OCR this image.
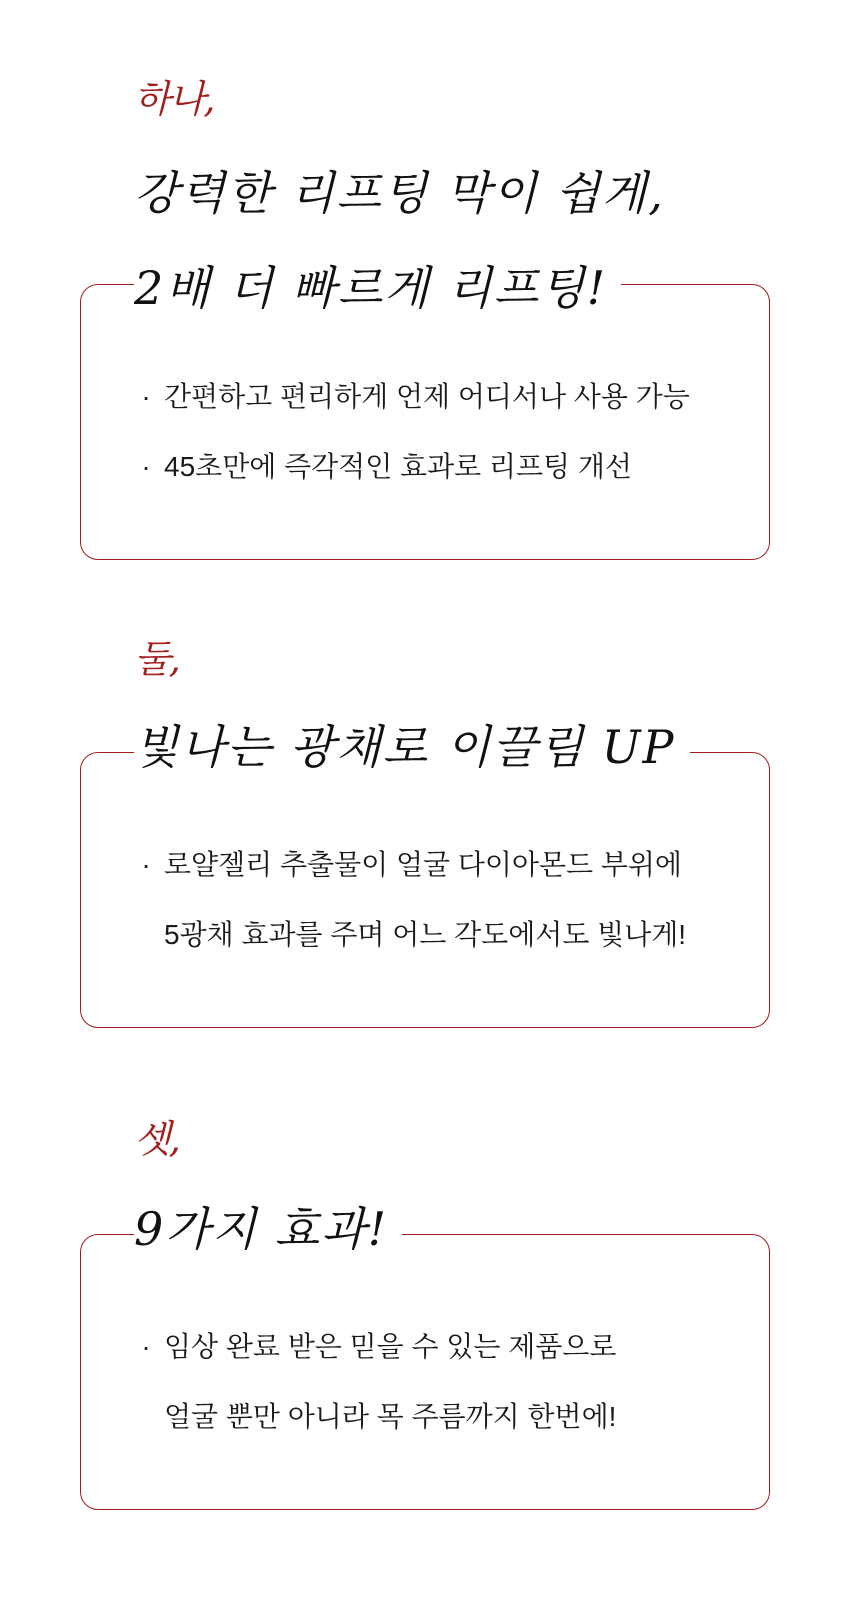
하나,
강력한 리프팅 막이 쉽게,
2배 더 빠르게 리프팅!
· 간편하고 편리하게 언제 어디서나 사용 가능
· 45초만에 즉각적인 효과로 리프팅 개선
둘,
빛나는 광채로 이끌림 UP
· 로얄젤리 추출물이 얼굴 다이아몬드 부위에
5광채 효과를 주며 어느 각도에서도 빛나게!
셋,
9가지 효과!
· 임상 완료 받은 믿을 수 있는 제품으로
얼굴 뿐만 아니라 목 주름까지 한번에!
